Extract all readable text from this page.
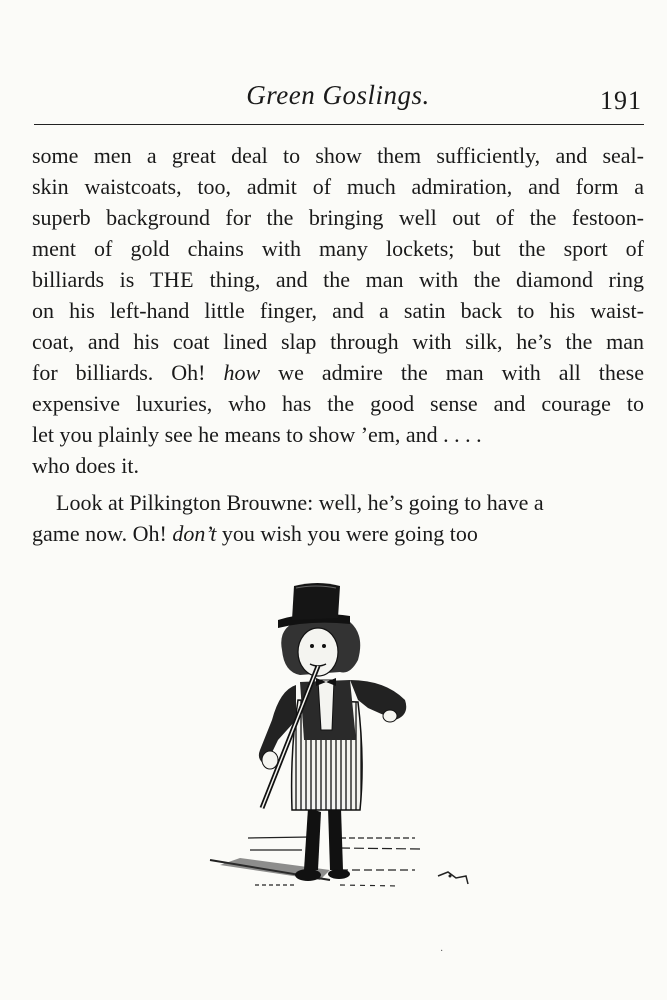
Green Goslings.	191
some men a great deal to show them sufficiently, and seal-
skin waistcoats, too, admit of much admiration, and form a
superb background for the bringing well out of the festoon-
ment of gold chains with many lockets; but the sport of
billiards is THE thing, and the man with the diamond ring
on his left-hand little finger, and a satin back to his waist-
coat, and his coat lined slap through with silk, he’s the man
for billiards. Oh! how we admire the man with all these
expensive luxuries, who has the good sense and courage to
let you plainly see he means to show ’em, and . . . .
who does it.
Look at Pilkington Brouwne: well, he’s going to have a
game now. Oh! don’t you wish you were going too
·
